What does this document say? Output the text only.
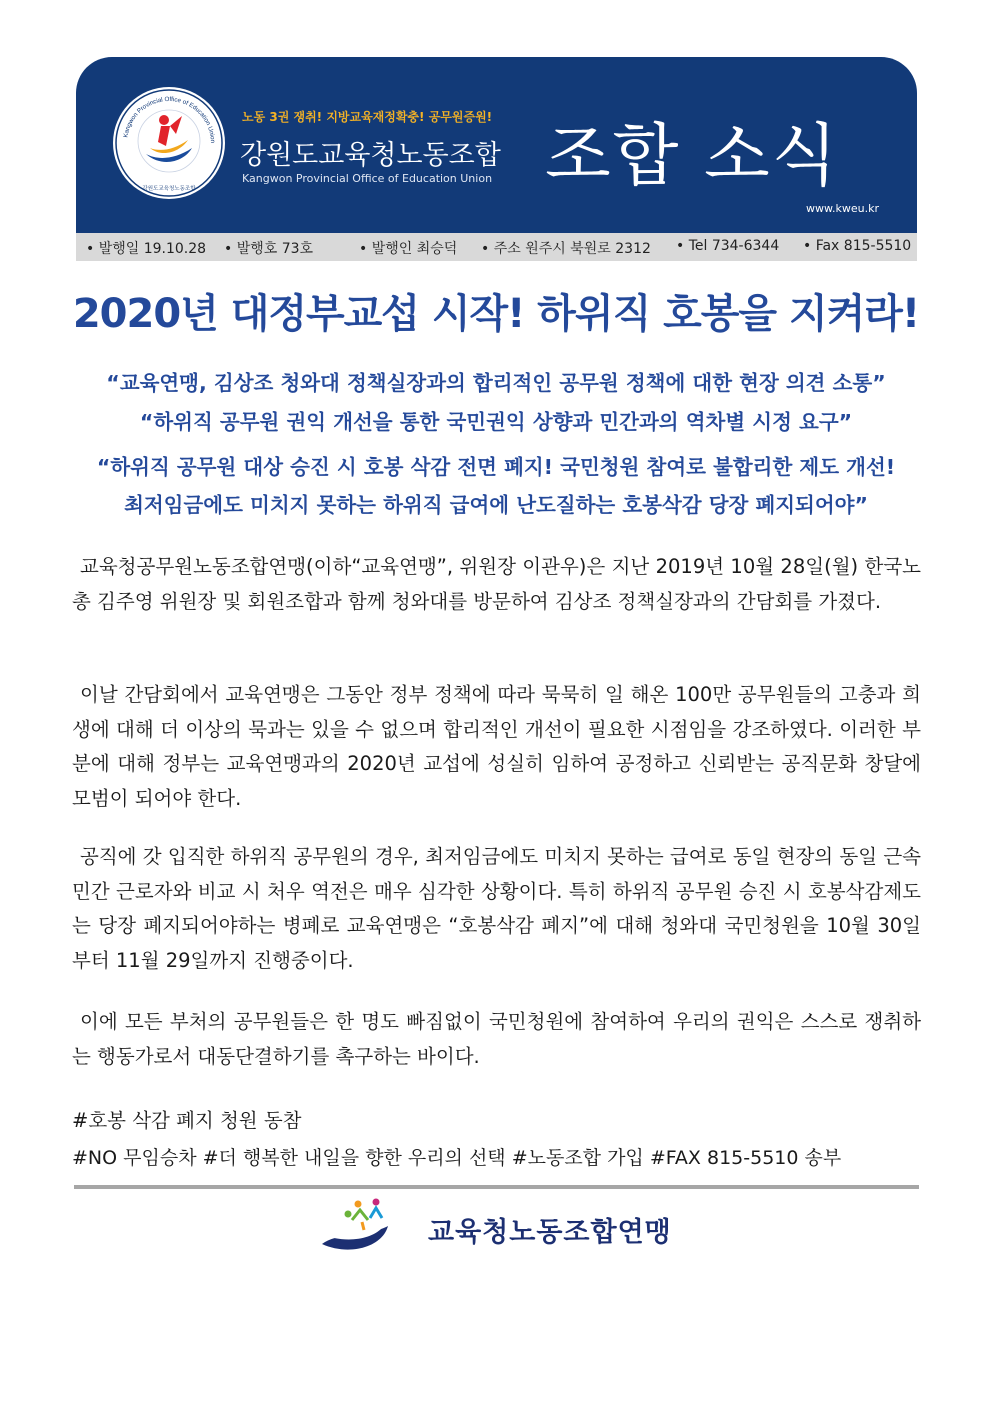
Kangwon Provincial Office of Education Union
강원도교육청노동조합
노동 3권 쟁취! 지방교육재정확충! 공무원증원!
강원도교육청노동조합
Kangwon Provincial Office of Education Union 조합 소식
www.kweu.kr
• 발행일 19.10.28 • 발행호 73호	• 발행인 최승덕 • 주소 원주시 북원로 2312 • Tel 734-6344 • Fax 815-5510
2020년 대정부교섭 시작! 하위직 호봉을 지켜라!
“교육연맹, 김상조 청와대 정책실장과의 합리적인 공무원 정책에 대한 현장 의견 소통”
“하위직 공무원 권익 개선을 통한 국민권익 상향과 민간과의 역차별 시정 요구”
“하위직 공무원 대상 승진 시 호봉 삭감 전면 폐지! 국민청원 참여로 불합리한 제도 개선!
최저임금에도 미치지 못하는 하위직 급여에 난도질하는 호봉삭감 당장 폐지되어야”
교육청공무원노동조합연맹(이하“교육연맹”, 위원장 이관우)은 지난 2019년 10월 28일(월) 한국노총 김주영 위원장 및 회원조합과 함께 청와대를 방문하여 김상조 정책실장과의 간담회를 가졌다.
이날 간담회에서 교육연맹은 그동안 정부 정책에 따라 묵묵히 일 해온 100만 공무원들의 고충과 희생에 대해 더 이상의 묵과는 있을 수 없으며 합리적인 개선이 필요한 시점임을 강조하였다. 이러한 부분에 대해 정부는 교육연맹과의 2020년 교섭에 성실히 임하여 공정하고 신뢰받는 공직문화 창달에 모범이 되어야 한다.
공직에 갓 입직한 하위직 공무원의 경우, 최저임금에도 미치지 못하는 급여로 동일 현장의 동일 근속 민간 근로자와 비교 시 처우 역전은 매우 심각한 상황이다. 특히 하위직 공무원 승진 시 호봉삭감제도는 당장 폐지되어야하는 병폐로 교육연맹은 “호봉삭감 폐지”에 대해 청와대 국민청원을 10월 30일부터 11월 29일까지 진행중이다.
이에 모든 부처의 공무원들은 한 명도 빠짐없이 국민청원에 참여하여 우리의 권익은 스스로 쟁취하는 행동가로서 대동단결하기를 촉구하는 바이다.
#호봉 삭감 폐지 청원 동참
#NO 무임승차 #더 행복한 내일을 향한 우리의 선택 #노동조합 가입 #FAX 815-5510 송부
교육청노동조합연맹
